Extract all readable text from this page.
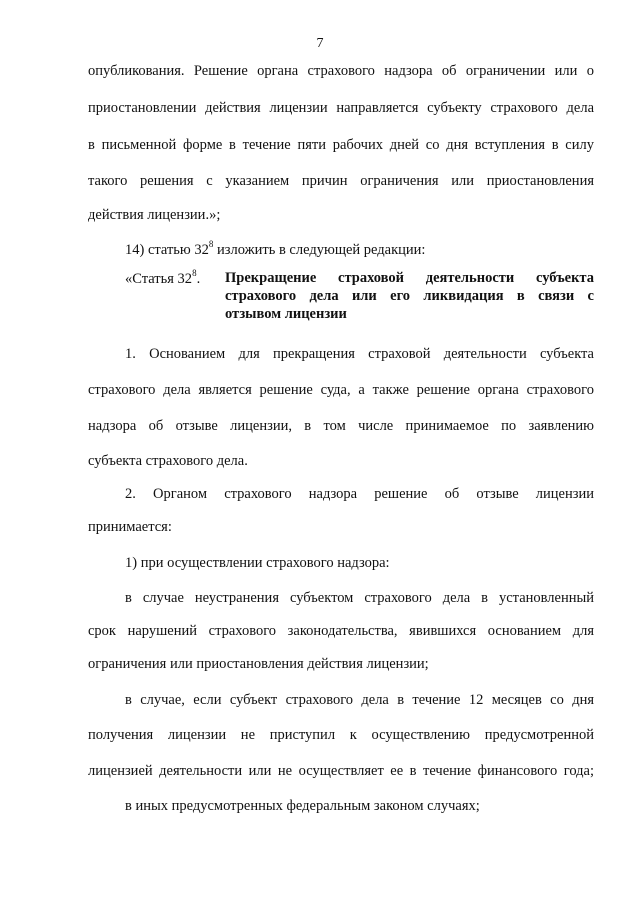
7
опубликования. Решение органа страхового надзора об ограничении или о
приостановлении действия лицензии направляется субъекту страхового дела
в письменной форме в течение пяти рабочих дней со дня вступления в силу
такого решения с указанием причин ограничения или приостановления
действия лицензии.»;
14) статью $32^8$ изложить в следующей редакции:
«Статья $32^8$. Прекращение страховой деятельности субъекта
страхового дела или его ликвидация в связи с
отзывом лицензии
1. Основанием для прекращения страховой деятельности субъекта
страхового дела является решение суда, а также решение органа страхового
надзора об отзыве лицензии, в том числе принимаемое по заявлению
субъекта страхового дела.
2. Органом страхового надзора решение об отзыве лицензии
принимается:
1) при осуществлении страхового надзора:
в случае неустранения субъектом страхового дела в установленный
срок нарушений страхового законодательства, явившихся основанием для
ограничения или приостановления действия лицензии;
в случае, если субъект страхового дела в течение 12 месяцев со дня
получения лицензии не приступил к осуществлению предусмотренной
лицензией деятельности или не осуществляет ее в течение финансового года;
в иных предусмотренных федеральным законом случаях;
